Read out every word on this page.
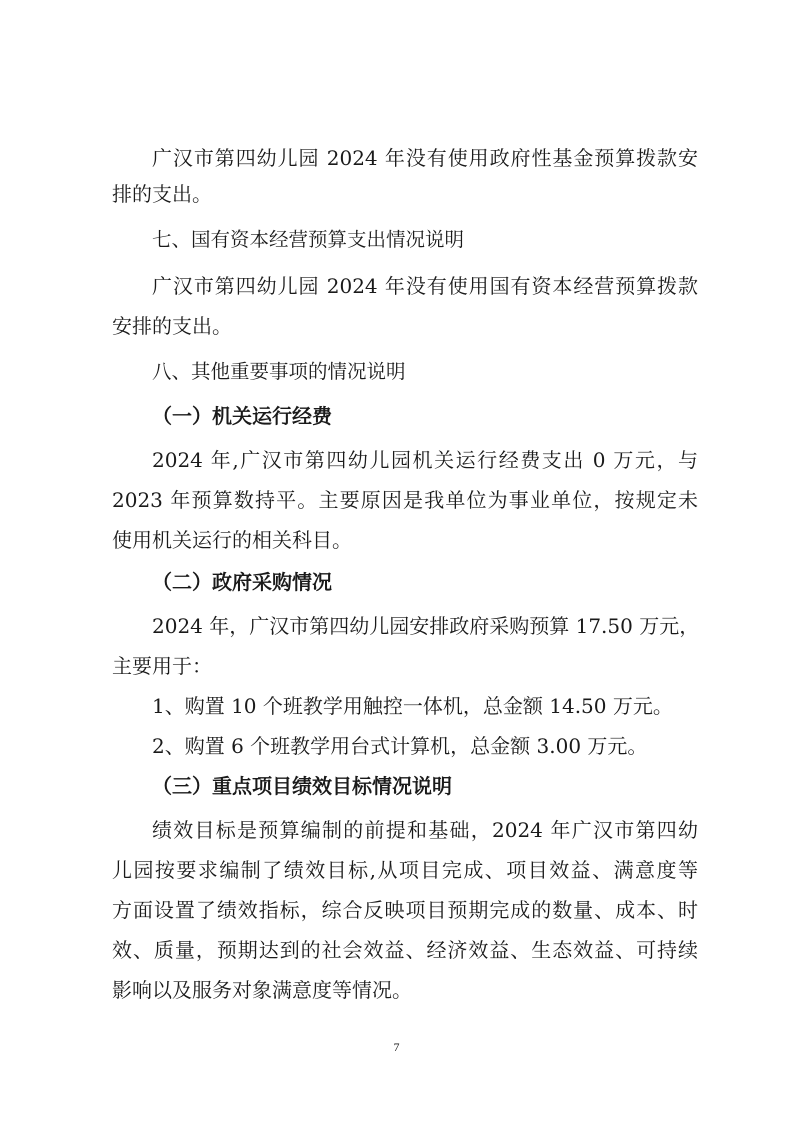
广汉市第四幼儿园 2024 年没有使用政府性基金预算拨款安
排的支出。
七、国有资本经营预算支出情况说明
广汉市第四幼儿园 2024 年没有使用国有资本经营预算拨款
安排的支出。
八、其他重要事项的情况说明
（一）机关运行经费
2024 年,广汉市第四幼儿园机关运行经费支出 0 万元，与
2023 年预算数持平。主要原因是我单位为事业单位，按规定未
使用机关运行的相关科目。
（二）政府采购情况
2024 年，广汉市第四幼儿园安排政府采购预算 17.50 万元，
主要用于：
1、购置 10 个班教学用触控一体机，总金额 14.50 万元。
2、购置 6 个班教学用台式计算机，总金额 3.00 万元。
（三）重点项目绩效目标情况说明
绩效目标是预算编制的前提和基础，2024 年广汉市第四幼
儿园按要求编制了绩效目标,从项目完成、项目效益、满意度等
方面设置了绩效指标，综合反映项目预期完成的数量、成本、时
效、质量，预期达到的社会效益、经济效益、生态效益、可持续
影响以及服务对象满意度等情况。
7
